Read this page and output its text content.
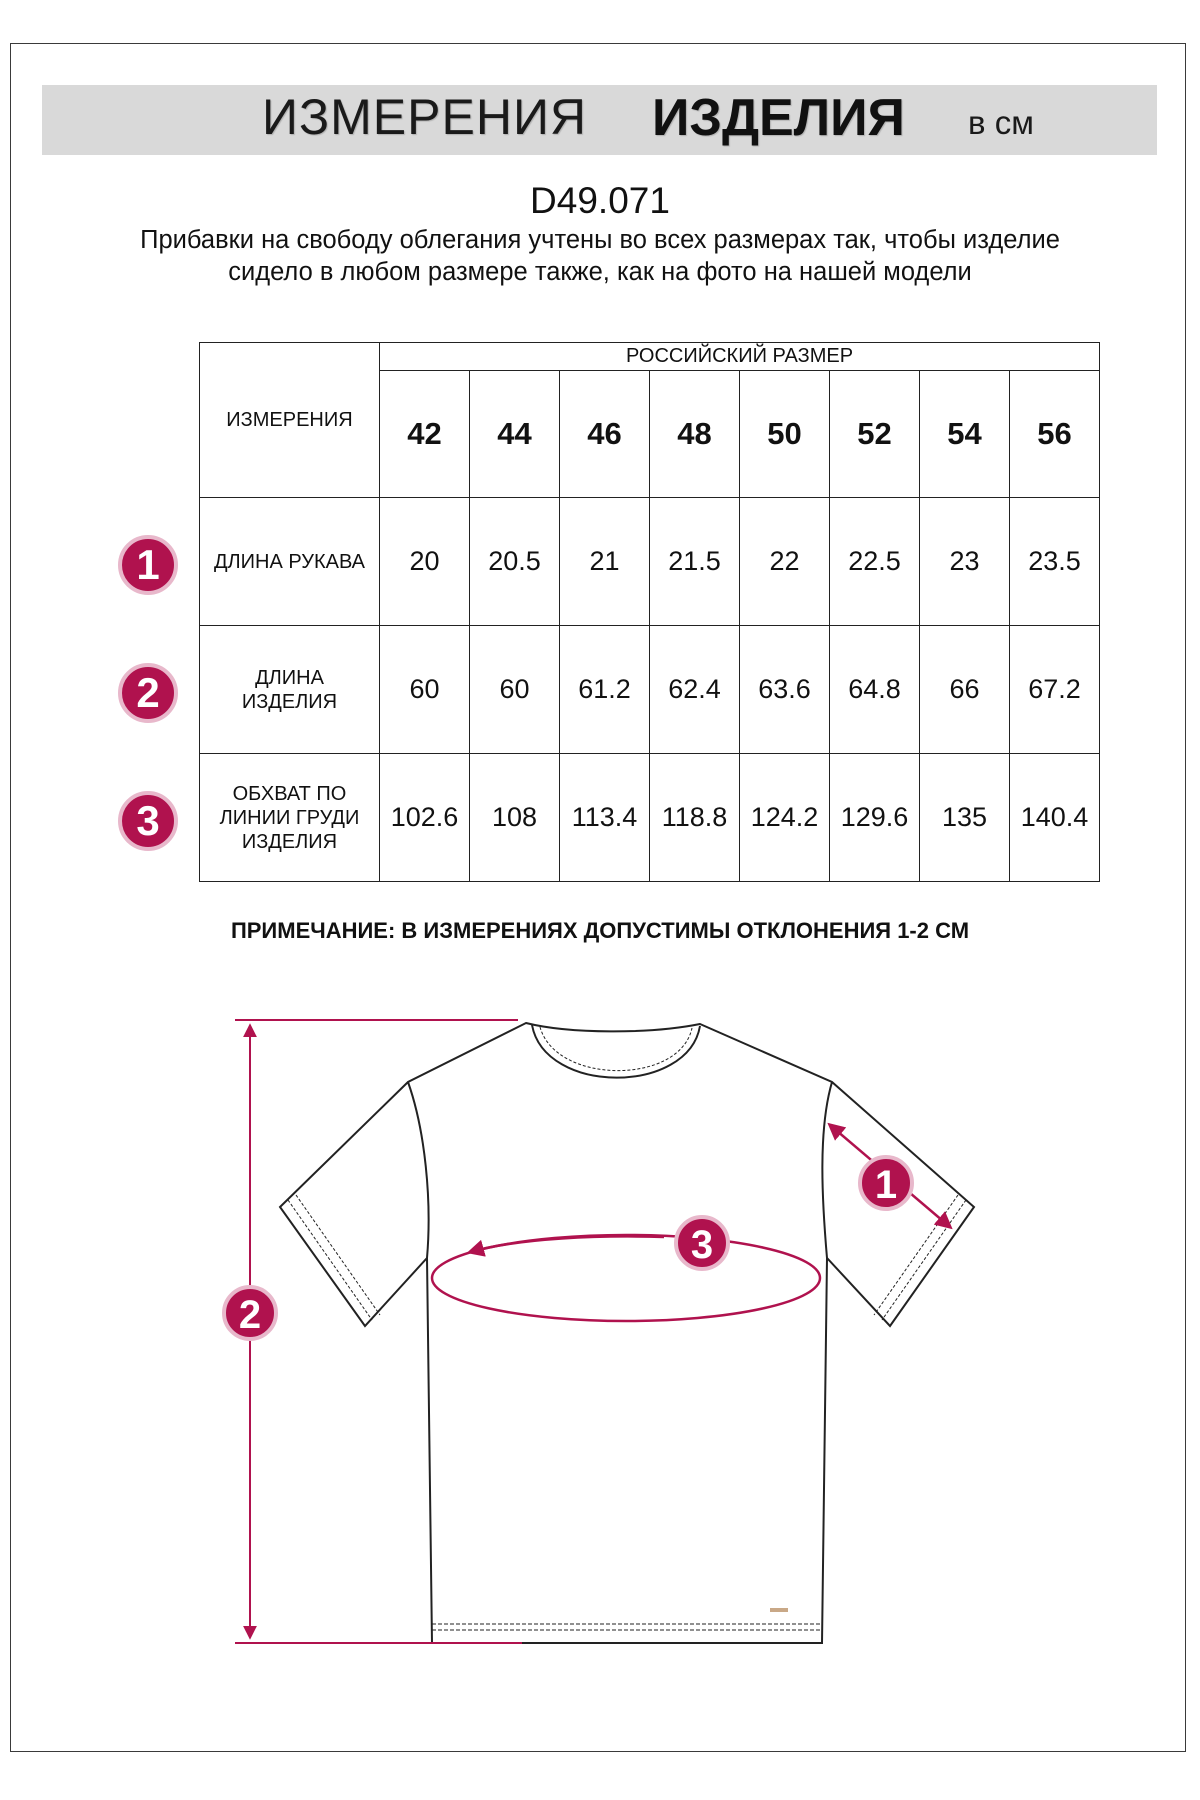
ИЗМЕРЕНИЯ ИЗДЕЛИЯ в см
D49.071
Прибавки на свободу облегания учтены во всех размерах так, чтобы изделие сидело в любом размере также, как на фото на нашей модели
ИЗМЕРЕНИЯ	РОССИЙСКИЙ РАЗМЕР							
	42	44	46	48	50	52	54	56
ДЛИНА РУКАВА	20	20.5	21	21.5	22	22.5	23	23.5
ДЛИНА ИЗДЕЛИЯ	60	60	61.2	62.4	63.6	64.8	66	67.2
ОБХВАТ ПО ЛИНИИ ГРУДИ ИЗДЕЛИЯ	102.6	108	113.4	118.8	124.2	129.6	135	140.4
1
2
3
ПРИМЕЧАНИЕ: В ИЗМЕРЕНИЯХ ДОПУСТИМЫ ОТКЛОНЕНИЯ 1-2 СМ
1
2
3
